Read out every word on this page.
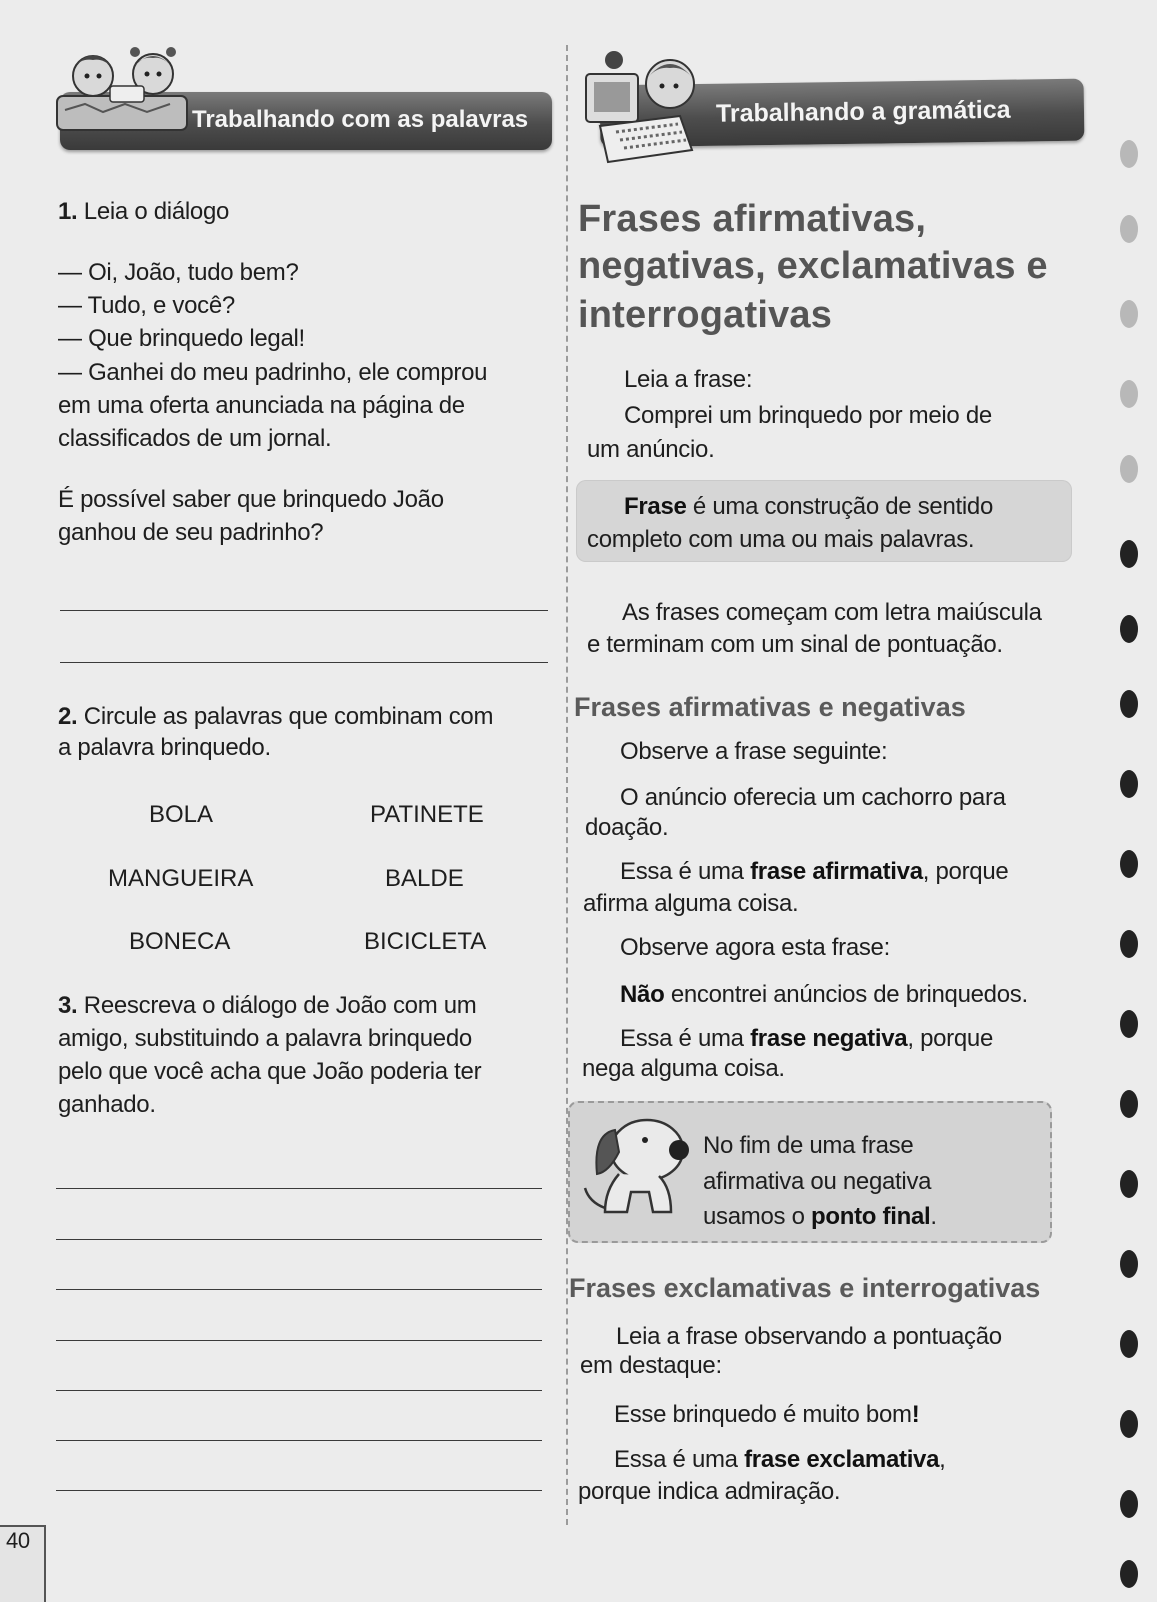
Trabalhando com as palavras
1. Leia o diálogo
— Oi, João, tudo bem?
— Tudo, e você?
— Que brinquedo legal!
— Ganhei do meu padrinho, ele comprou
em uma oferta anunciada na página de
classificados de um jornal.
É possível saber que brinquedo João
ganhou de seu padrinho?
2. Circule as palavras que combinam com
a palavra brinquedo.
BOLA	PATINETE
MANGUEIRA	BALDE
BONECA	BICICLETA
3. Reescreva o diálogo de João com um
amigo, substituindo a palavra brinquedo
pelo que você acha que João poderia ter
ganhado.
40
Trabalhando a gramática
Frases afirmativas,
negativas, exclamativas e
interrogativas
Leia a frase:
Comprei um brinquedo por meio de
um anúncio.
Frase é uma construção de sentido
completo com uma ou mais palavras.
As frases começam com letra maiúscula
e terminam com um sinal de pontuação.
Frases afirmativas e negativas
Observe a frase seguinte:
O anúncio oferecia um cachorro para
doação.
Essa é uma frase afirmativa, porque
afirma alguma coisa.
Observe agora esta frase:
Não encontrei anúncios de brinquedos.
Essa é uma frase negativa, porque
nega alguma coisa.
No fim de uma frase
afirmativa ou negativa
usamos o ponto final.
Frases exclamativas e interrogativas
Leia a frase observando a pontuação
em destaque:
Esse brinquedo é muito bom!
Essa é uma frase exclamativa,
porque indica admiração.
